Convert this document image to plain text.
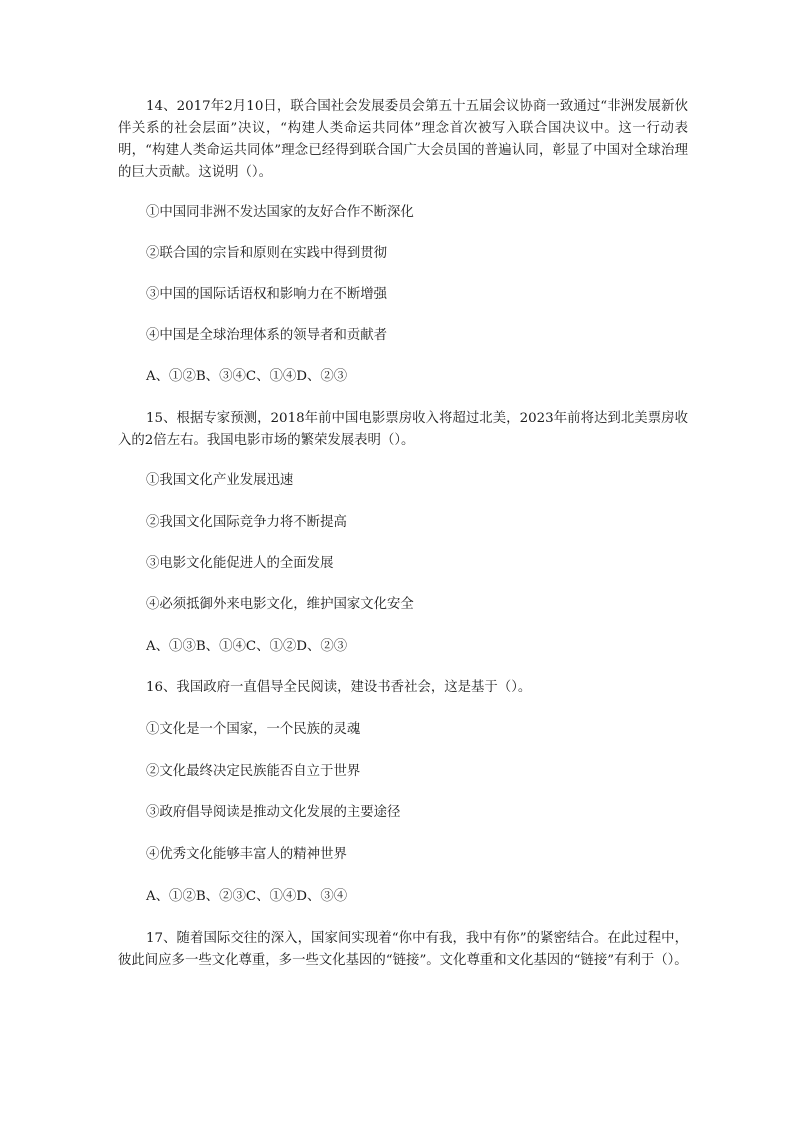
14、2017年2月10日，联合国社会发展委员会第五十五届会议协商一致通过“非洲发展新伙伴关系的社会层面”决议，“构建人类命运共同体”理念首次被写入联合国决议中。这一行动表明，“构建人类命运共同体”理念已经得到联合国广大会员国的普遍认同，彰显了中国对全球治理的巨大贡献。这说明（）。

①中国同非洲不发达国家的友好合作不断深化

②联合国的宗旨和原则在实践中得到贯彻

③中国的国际话语权和影响力在不断增强

④中国是全球治理体系的领导者和贡献者

A、①②B、③④C、①④D、②③

15、根据专家预测，2018年前中国电影票房收入将超过北美，2023年前将达到北美票房收入的2倍左右。我国电影市场的繁荣发展表明（）。

①我国文化产业发展迅速

②我国文化国际竞争力将不断提高

③电影文化能促进人的全面发展

④必须抵御外来电影文化，维护国家文化安全

A、①③B、①④C、①②D、②③

16、我国政府一直倡导全民阅读，建设书香社会，这是基于（）。

①文化是一个国家，一个民族的灵魂

②文化最终决定民族能否自立于世界

③政府倡导阅读是推动文化发展的主要途径

④优秀文化能够丰富人的精神世界

A、①②B、②③C、①④D、③④

17、随着国际交往的深入，国家间实现着“你中有我，我中有你”的紧密结合。在此过程中，彼此间应多一些文化尊重，多一些文化基因的“链接”。文化尊重和文化基因的“链接”有利于（）。
